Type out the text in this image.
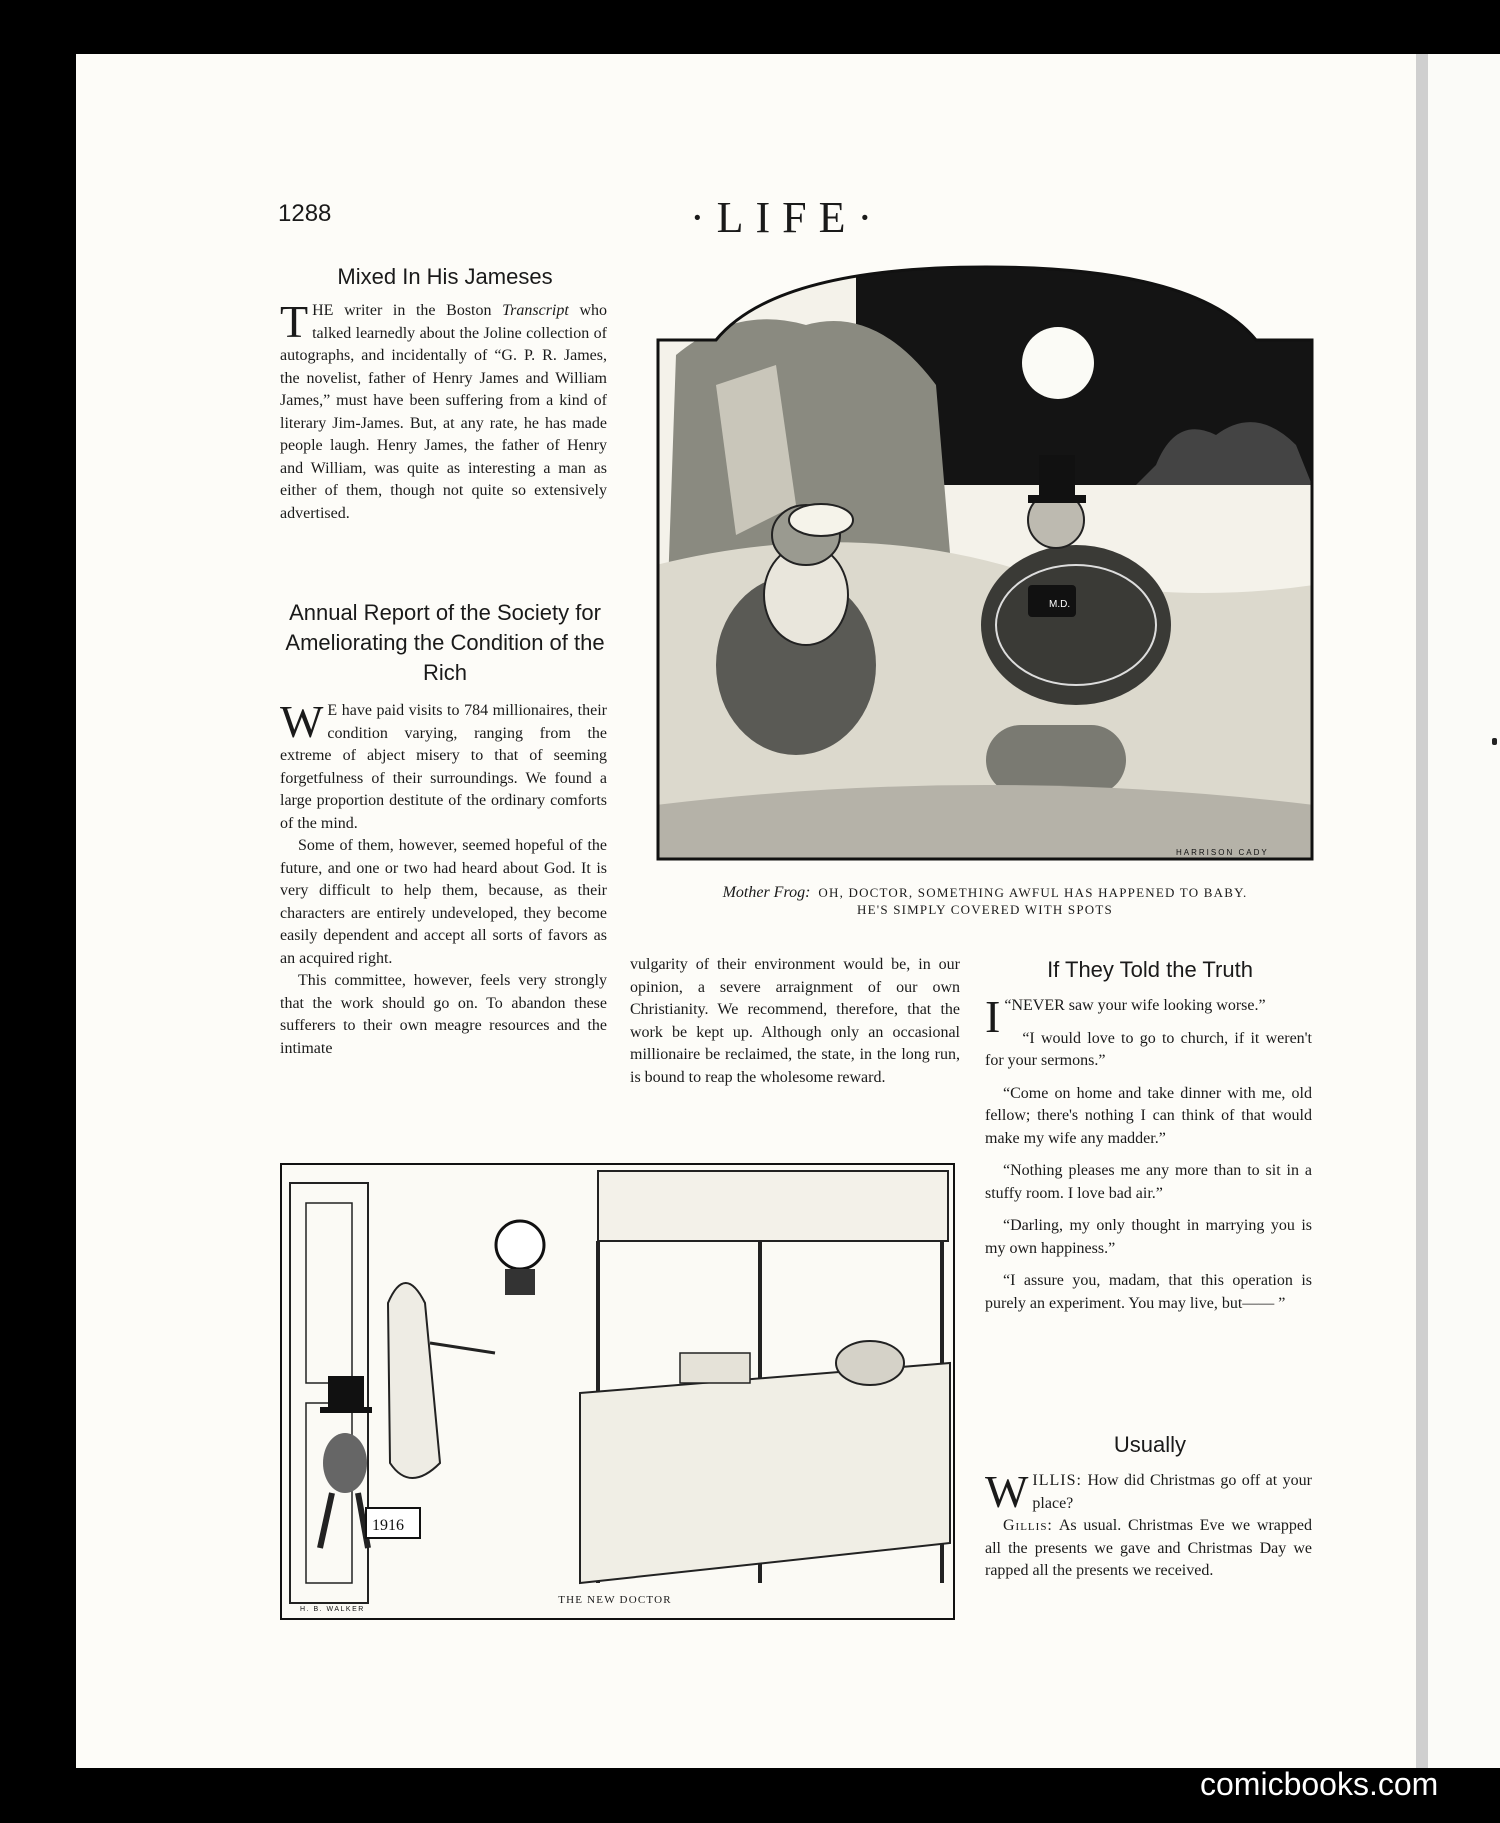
1288	·LIFE·
Mixed In His Jameses

THE writer in the Boston Transcript who talked learnedly about the Joline collection of autographs, and incidentally of “G. P. R. James, the novelist, father of Henry James and William James,” must have been suffering from a kind of literary Jim-James. But, at any rate, he has made people laugh. Henry James, the father of Henry and William, was quite as interesting a man as either of them, though not quite so extensively advertised.

Annual Report of the Society for Ameliorating the Condition of the Rich

W E have paid visits to 784 millionaires, their condition varying, ranging from the extreme of abject misery to that of seeming forgetfulness of their surroundings. We found a large proportion destitute of the ordinary comforts of the mind.

Some of them, however, seemed hopeful of the future, and one or two had heard about God. It is very difficult to help them, because, as their characters are entirely undeveloped, they become easily dependent and accept all sorts of favors as an acquired right.

This committee, however, feels very strongly that the work should go on. To abandon these sufferers to their own meagre resources and the intimate

vulgarity of their environment would be, in our opinion, a severe arraignment of our own Christianity. We recommend, therefore, that the work be kept up. Although only an occasional millionaire be reclaimed, the state, in the long run, is bound to reap the wholesome reward.
M.D.
HARRISON CADY
Mother Frog: OH, DOCTOR, SOMETHING AWFUL HAS HAPPENED TO BABY.
HE'S SIMPLY COVERED WITH SPOTS
1916
H. B. WALKER
THE NEW DOCTOR
If They Told the Truth

“
I NEVER saw your wife looking worse.”

“I would love to go to church, if it weren't for your sermons.”

“Come on home and take dinner with me, old fellow; there's nothing I can think of that would make my wife any madder.”

“Nothing pleases me any more than to sit in a stuffy room. I love bad air.”

“Darling, my only thought in marrying you is my own happiness.”

“I assure you, madam, that this operation is purely an experiment. You may live, but—— ”

Usually

WILLIS: How did Christmas go off at your place?

Gillis: As usual. Christmas Eve we wrapped all the presents we gave and Christmas Day we rapped all the presents we received.

comicbooks.com
